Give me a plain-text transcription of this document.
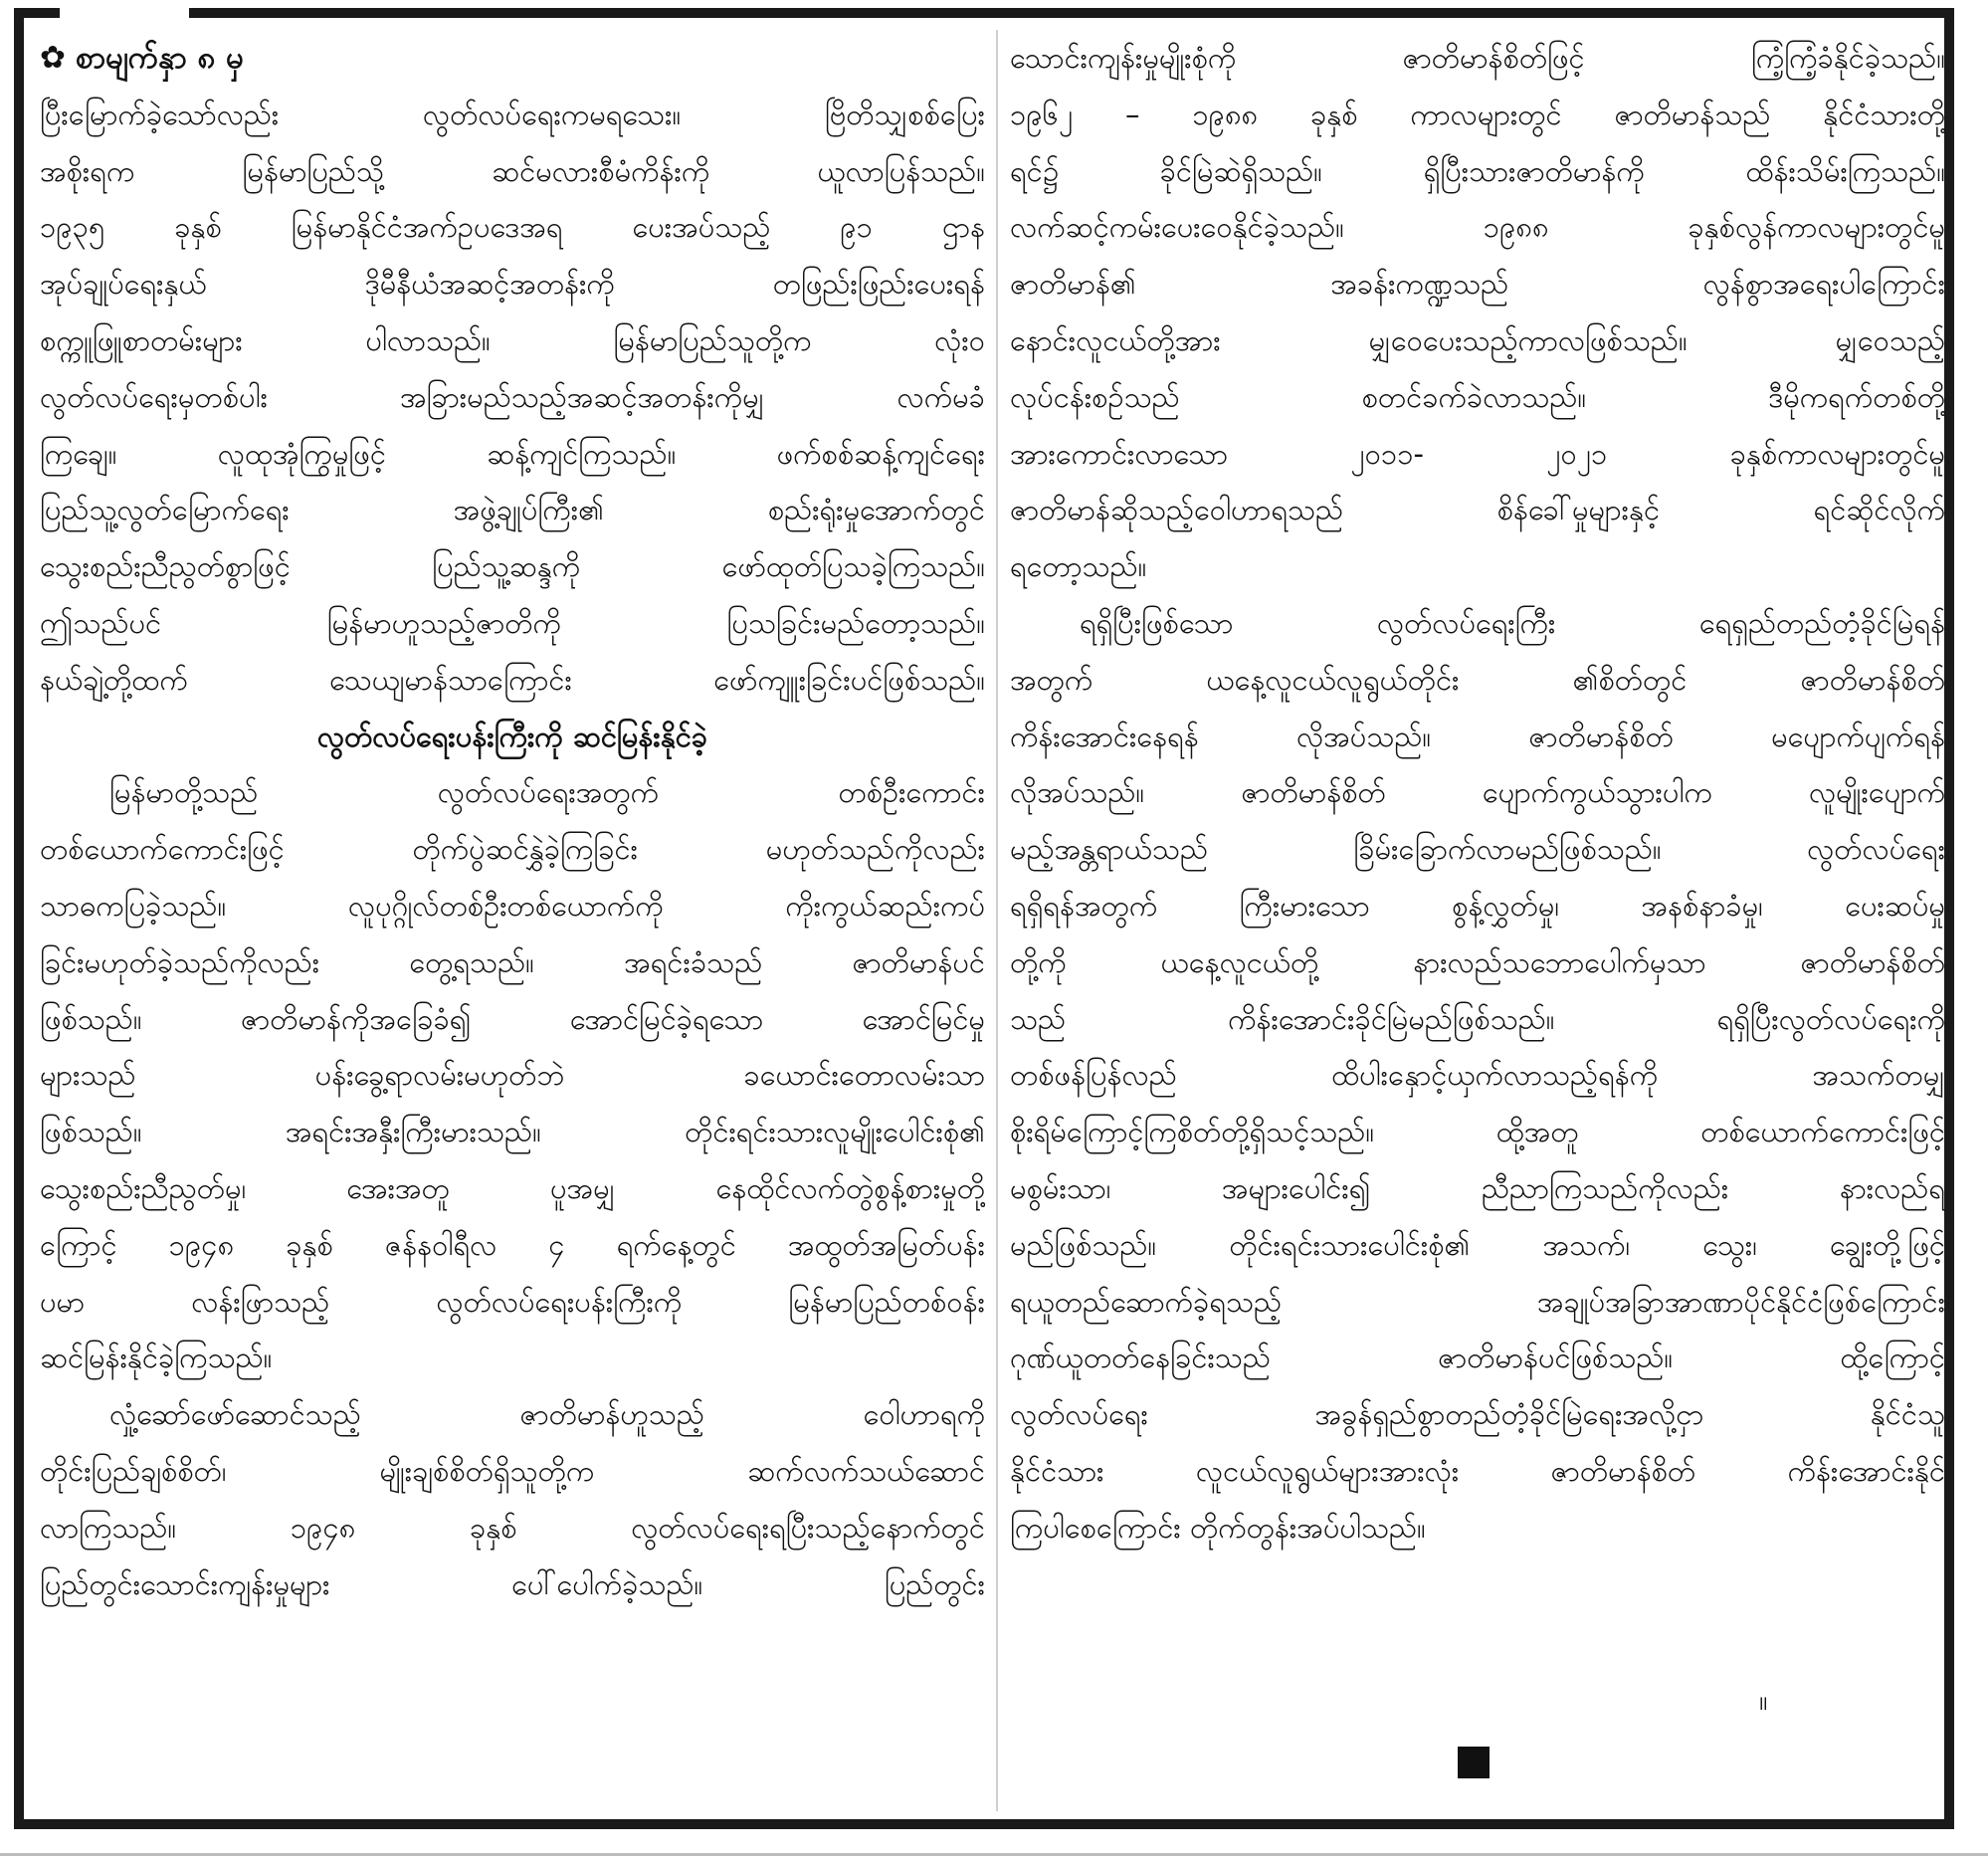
✿ စာမျက်နှာ ၈ မှ
ပြီးမြောက်ခဲ့သော်လည်း လွတ်လပ်ရေးကမရသေး။ ဗြိတိသျှစစ်ပြေး
အစိုးရက မြန်မာပြည်သို့ ဆင်မလားစီမံကိန်းကို ယူလာပြန်သည်။
၁၉၃၅ ခုနှစ် မြန်မာနိုင်ငံအက်ဥပဒေအရ ပေးအပ်သည့် ၉၁ ဌာန
အုပ်ချုပ်ရေးနှယ် ဒိုမီနီယံအဆင့်အတန်းကို တဖြည်းဖြည်းပေးရန်
စက္ကူဖြူစာတမ်းများ ပါလာသည်။ မြန်မာပြည်သူတို့က လုံးဝ
လွတ်လပ်ရေးမှတစ်ပါး အခြားမည်သည့်အဆင့်အတန်းကိုမျှ လက်မခံ
ကြချေ။ လူထုအုံကြွမှုဖြင့် ဆန့်ကျင်ကြသည်။ ဖက်စစ်ဆန့်ကျင်ရေး
ပြည်သူ့လွတ်မြောက်ရေး အဖွဲ့ချုပ်ကြီး၏ စည်းရုံးမှုအောက်တွင်
သွေးစည်းညီညွတ်စွာဖြင့် ပြည်သူ့ဆန္ဒကို ဖော်ထုတ်ပြသခဲ့ကြသည်။
ဤသည်ပင် မြန်မာဟူသည့်ဇာတိကို ပြသခြင်းမည်တော့သည်။
နယ်ချဲ့တို့ထက် သေယျမာန်သာကြောင်း ဖော်ကျူးခြင်းပင်ဖြစ်သည်။
လွတ်လပ်ရေးပန်းကြီးကို ဆင်မြန်းနိုင်ခဲ့
မြန်မာတို့သည် လွတ်လပ်ရေးအတွက် တစ်ဦးကောင်း
တစ်ယောက်ကောင်းဖြင့် တိုက်ပွဲဆင်နွှဲခဲ့ကြခြင်း မဟုတ်သည်ကိုလည်း
သာဓကပြခဲ့သည်။ လူပုဂ္ဂိုလ်တစ်ဦးတစ်ယောက်ကို ကိုးကွယ်ဆည်းကပ်
ခြင်းမဟုတ်ခဲ့သည်ကိုလည်း တွေ့ရသည်။ အရင်းခံသည် ဇာတိမာန်ပင်
ဖြစ်သည်။ ဇာတိမာန်ကိုအခြေခံ၍ အောင်မြင်ခဲ့ရသော အောင်မြင်မှု
များသည် ပန်းခွေ့ရာလမ်းမဟုတ်ဘဲ ခယောင်းတောလမ်းသာ
ဖြစ်သည်။ အရင်းအနှီးကြီးမားသည်။ တိုင်းရင်းသားလူမျိုးပေါင်းစုံ၏
သွေးစည်းညီညွတ်မှု၊ အေးအတူ ပူအမျှ နေထိုင်လက်တွဲစွန့်စားမှုတို့
ကြောင့် ၁၉၄၈ ခုနှစ် ဇန်နဝါရီလ ၄ ရက်နေ့တွင် အထွတ်အမြတ်ပန်း
ပမာ လန်းဖြာသည့် လွတ်လပ်ရေးပန်းကြီးကို မြန်မာပြည်တစ်ဝန်း
ဆင်မြန်းနိုင်ခဲ့ကြသည်။
လှုံ့ဆော်ဖော်ဆောင်သည့် ဇာတိမာန်ဟူသည့် ဝေါဟာရကို
တိုင်းပြည်ချစ်စိတ်၊ မျိုးချစ်စိတ်ရှိသူတို့က ဆက်လက်သယ်ဆောင်
လာကြသည်။ ၁၉၄၈ ခုနှစ် လွတ်လပ်ရေးရပြီးသည့်နောက်တွင်
ပြည်တွင်းသောင်းကျန်းမှုများ ပေါ်ပေါက်ခဲ့သည်။ ပြည်တွင်း
သောင်းကျန်းမှုမျိုးစုံကို ဇာတိမာန်စိတ်ဖြင့် ကြံ့ကြံ့ခံနိုင်ခဲ့သည်။
၁၉၆၂ – ၁၉၈၈ ခုနှစ် ကာလများတွင် ဇာတိမာန်သည် နိုင်ငံသားတို့
ရင်၌ ခိုင်မြဲဆဲရှိသည်။ ရှိပြီးသားဇာတိမာန်ကို ထိန်းသိမ်းကြသည်။
လက်ဆင့်ကမ်းပေးဝေနိုင်ခဲ့သည်။ ၁၉၈၈ ခုနှစ်လွန်ကာလများတွင်မူ
ဇာတိမာန်၏ အခန်းကဏ္ဍသည် လွန်စွာအရေးပါကြောင်း
နောင်းလူငယ်တို့အား မျှဝေပေးသည့်ကာလဖြစ်သည်။ မျှဝေသည့်
လုပ်ငန်းစဉ်သည် စတင်ခက်ခဲလာသည်။ ဒီမိုကရက်တစ်တို့
အားကောင်းလာသော ၂၀၁၁- ၂၀၂၁ ခုနှစ်ကာလများတွင်မူ
ဇာတိမာန်ဆိုသည့်ဝေါဟာရသည် စိန်ခေါ်မှုများနှင့် ရင်ဆိုင်လိုက်
ရတော့သည်။
ရရှိပြီးဖြစ်သော လွတ်လပ်ရေးကြီး ရေရှည်တည်တံ့ခိုင်မြဲရန်
အတွက် ယနေ့လူငယ်လူရွယ်တိုင်း ၏စိတ်တွင် ဇာတိမာန်စိတ်
ကိန်းအောင်းနေရန် လိုအပ်သည်။ ဇာတိမာန်စိတ် မပျောက်ပျက်ရန်
လိုအပ်သည်။ ဇာတိမာန်စိတ် ပျောက်ကွယ်သွားပါက လူမျိုးပျောက်
မည့်အန္တရာယ်သည် ခြိမ်းခြောက်လာမည်ဖြစ်သည်။ လွတ်လပ်ရေး
ရရှိရန်အတွက် ကြီးမားသော စွန့်လွှတ်မှု၊ အနစ်နာခံမှု၊ ပေးဆပ်မှု
တို့ကို ယနေ့လူငယ်တို့ နားလည်သဘောပေါက်မှသာ ဇာတိမာန်စိတ်
သည် ကိန်းအောင်းခိုင်မြဲမည်ဖြစ်သည်။ ရရှိပြီးလွတ်လပ်ရေးကို
တစ်ဖန်ပြန်လည် ထိပါးနှောင့်ယှက်လာသည့်ရန်ကို အသက်တမျှ
စိုးရိမ်ကြောင့်ကြစိတ်တို့ရှိသင့်သည်။ ထို့အတူ တစ်ယောက်ကောင်းဖြင့်
မစွမ်းသာ၊ အများပေါင်း၍ ညီညာကြသည်ကိုလည်း နားလည်ရ
မည်ဖြစ်သည်။ တိုင်းရင်းသားပေါင်းစုံ၏ အသက်၊ သွေး၊ ချွေးတို့ဖြင့်
ရယူတည်ဆောက်ခဲ့ရသည့် အချုပ်အခြာအာဏာပိုင်နိုင်ငံဖြစ်ကြောင်း
ဂုဏ်ယူတတ်နေခြင်းသည် ဇာတိမာန်ပင်ဖြစ်သည်။ ထို့ကြောင့်
လွတ်လပ်ရေး အခွန်ရှည်စွာတည်တံ့ခိုင်မြဲရေးအလို့ငှာ နိုင်ငံသူ
နိုင်ငံသား လူငယ်လူရွယ်များအားလုံး ဇာတိမာန်စိတ် ကိန်းအောင်းနိုင်
ကြပါစေကြောင်း တိုက်တွန်းအပ်ပါသည်။
။
